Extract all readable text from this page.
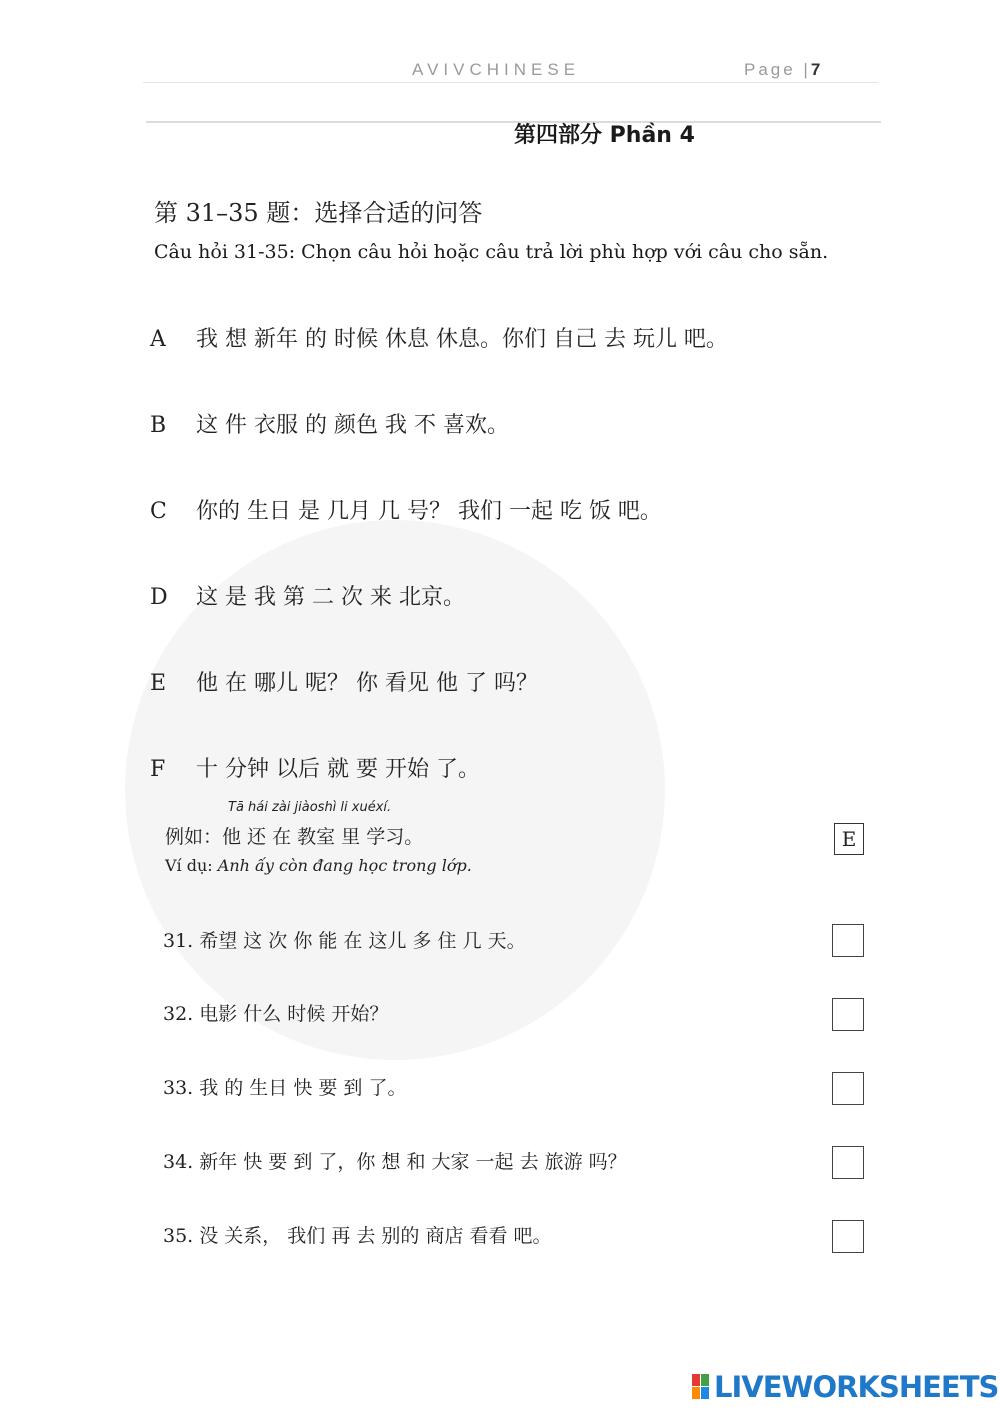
AVIVCHINESE	Page |7
第四部分 Phần 4
第 31–35 题：选择合适的问答
Câu hỏi 31-35: Chọn câu hỏi hoặc câu trả lời phù hợp với câu cho sẵn.
A 我 想 新年 的 时候 休息 休息。你们 自己 去 玩儿 吧。
B 这 件 衣服 的 颜色 我 不 喜欢。
C 你的 生日 是 几月 几 号？ 我们 一起 吃 饭 吧。
D 这 是 我 第 二 次 来 北京。
E 他 在 哪儿 呢？ 你 看见 他 了 吗？
F 十 分钟 以后 就 要 开始 了。
Tā hái zài jiàoshì li xuéxí.
例如：他 还 在 教室 里 学习。
Ví dụ: Anh ấy còn đang học trong lớp.
E
31. 希望 这 次 你 能 在 这儿 多 住 几 天。
32. 电影 什么 时候 开始？
33. 我 的 生日 快 要 到 了。
34. 新年 快 要 到 了，你 想 和 大家 一起 去 旅游 吗？
35. 没 关系， 我们 再 去 别的 商店 看看 吧。
LIVEWORKSHEETS
